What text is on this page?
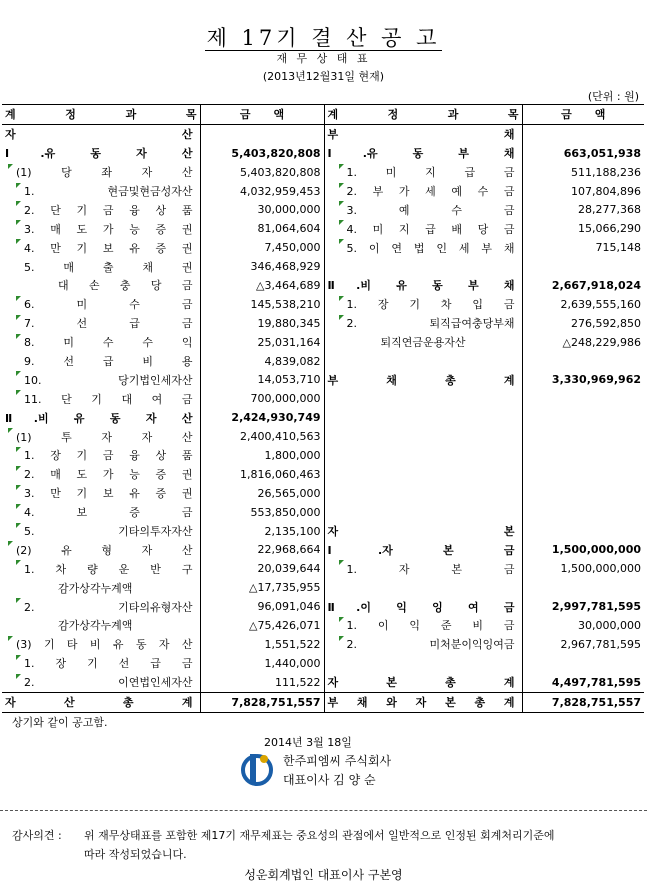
제 17기 결 산 공 고
재 무 상 태 표
(2013년12월31일 현재)
(단위 : 원)
계 정 과 목	금 액	계 정 과 목	금 액

자 산		부 채	

Ⅰ.유 동 자 산	5,403,820,808	Ⅰ.유 동 부 채	663,051,938

(1) 당 좌 자 산	5,403,820,808	1. 미 지 급 금	511,188,236

1. 현금및현금성자산	4,032,959,453	2. 부 가 세 예 수 금	107,804,896

2. 단 기 금 융 상 품	30,000,000	3. 예 수 금	28,277,368

3. 매 도 가 능 증 권	81,064,604	4. 미 지 급 배 당 금	15,066,290

4. 만 기 보 유 증 권	7,450,000	5. 이 연 법 인 세 부 채	715,148

5. 매 출 채 권	346,468,929		

대 손 충 당 금	△3,464,689	Ⅱ.비 유 동 부 채	2,667,918,024

6. 미 수 금	145,538,210	1. 장 기 차 입 금	2,639,555,160

7. 선 급 금	19,880,345	2. 퇴직급여충당부채	276,592,850

8. 미 수 수 익	25,031,164	퇴직연금운용자산	△248,229,986

9. 선 급 비 용	4,839,082		

10. 당기법인세자산	14,053,710	부 채 총 계	3,330,969,962

11. 단 기 대 여 금	700,000,000		

Ⅱ.비 유 동 자 산	2,424,930,749		

(1) 투 자 자 산	2,400,410,563		

1. 장 기 금 융 상 품	1,800,000		

2. 매 도 가 능 증 권	1,816,060,463		

3. 만 기 보 유 증 권	26,565,000		

4. 보 증 금	553,850,000		

5. 기타의투자자산	2,135,100	자 본	

(2) 유 형 자 산	22,968,664	Ⅰ.자 본 금	1,500,000,000

1. 차 량 운 반 구	20,039,644	1. 자 본 금	1,500,000,000

감가상각누계액	△17,735,955		

2. 기타의유형자산	96,091,046	Ⅱ.이 익 잉 여 금	2,997,781,595

감가상각누계액	△75,426,071	1. 이 익 준 비 금	30,000,000

(3) 기 타 비 유 동 자 산	1,551,522	2. 미처분이익잉여금	2,967,781,595

1. 장 기 선 급 금	1,440,000		

2. 이연법인세자산	111,522	자 본 총 계	4,497,781,595

자 산 총 계	7,828,751,557	부 채 와 자 본 총 계	7,828,751,557
상기와 같이 공고함.
2014년 3월 18일
한주피엠씨 주식회사
대표이사 김 양 순
감사의견 : 위 재무상태표를 포함한 제17기 재무제표는 중요성의 관점에서 일반적으로 인정된 회계처리기준에
따라 작성되었습니다.
성운회계법인 대표이사 구본영
